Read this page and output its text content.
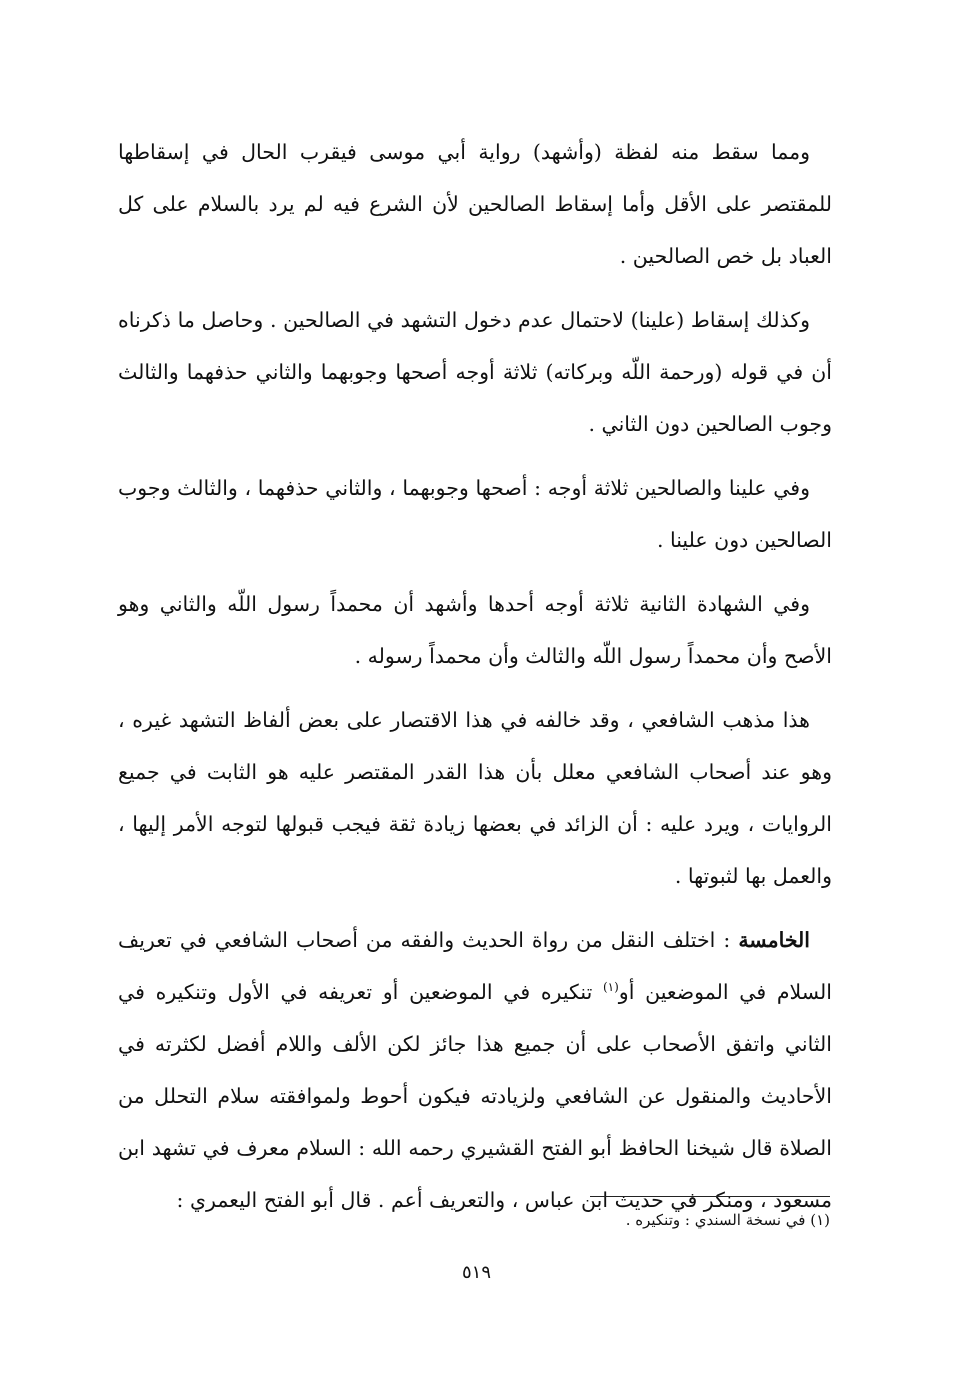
ومما سقط منه لفظة (وأشهد) رواية أبي موسى فيقرب الحال في إسقاطها للمقتصر على الأقل وأما إسقاط الصالحين لأن الشرع فيه لم يرد بالسلام على كل العباد بل خص الصالحين .

وكذلك إسقاط (علينا) لاحتمال عدم دخول التشهد في الصالحين . وحاصل ما ذكرناه أن في قوله (ورحمة اللّه وبركاته) ثلاثة أوجه أصحها وجوبهما والثاني حذفهما والثالث وجوب الصالحين دون الثاني .

وفي علينا والصالحين ثلاثة أوجه : أصحها وجوبهما ، والثاني حذفهما ، والثالث وجوب الصالحين دون علينا .

وفي الشهادة الثانية ثلاثة أوجه أحدها وأشهد أن محمداً رسول اللّه والثاني وهو الأصح وأن محمداً رسول اللّه والثالث وأن محمداً رسوله .

هذا مذهب الشافعي ، وقد خالفه في هذا الاقتصار على بعض ألفاظ التشهد غيره ، وهو عند أصحاب الشافعي معلل بأن هذا القدر المقتصر عليه هو الثابت في جميع الروايات ، ويرد عليه : أن الزائد في بعضها زيادة ثقة فيجب قبولها لتوجه الأمر إليها ، والعمل بها لثبوتها .

الخامسة : اختلف النقل من رواة الحديث والفقه من أصحاب الشافعي في تعريف السلام في الموضعين أو$^{(١)}$ تنكيره في الموضعين أو تعريفه في الأول وتنكيره في الثاني واتفق الأصحاب على أن جميع هذا جائز لكن الألف واللام أفضل لكثرته في الأحاديث والمنقول عن الشافعي ولزيادته فيكون أحوط ولموافقته سلام التحلل من الصلاة قال شيخنا الحافظ أبو الفتح القشيري رحمه الله : السلام معرف في تشهد ابن مسعود ، ومنكر في حديث ابن عباس ، والتعريف أعم . قال أبو الفتح اليعمري :

(١) في نسخة السندي : وتنكيره .
٥١٩
